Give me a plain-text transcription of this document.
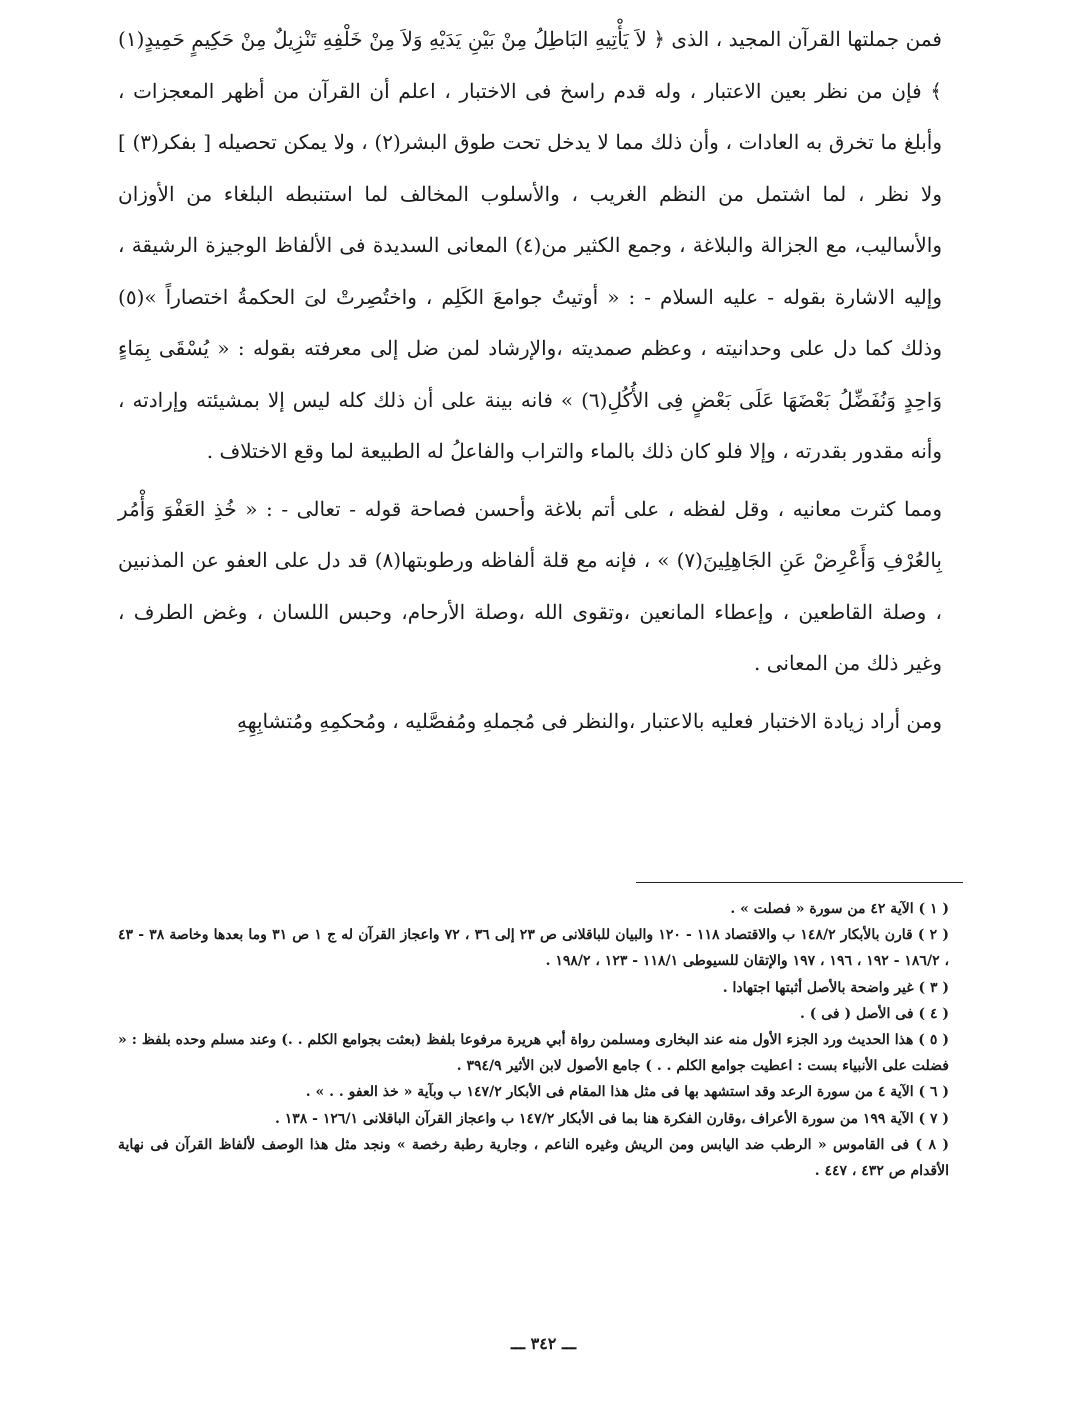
فمن جملتها القرآن المجيد ، الذى ﴿ لاَ يَأْتِيهِ البَاطِلُ مِنْ بَيْنِ يَدَيْهِ وَلاَ مِنْ خَلْفِهِ تَنْزِيلٌ مِنْ حَكِيمٍ حَمِيدٍ(١) ﴾ فإن من نظر بعين الاعتبار ، وله قدم راسخ فى الاختبار ، اعلم أن القرآن من أظهر المعجزات ، وأبلغ ما تخرق به العادات ، وأن ذلك مما لا يدخل تحت طوق البشر(٢) ، ولا يمكن تحصيله [ بفكر(٣) ] ولا نظر ، لما اشتمل من النظم الغريب ، والأسلوب المخالف لما استنبطه البلغاء من الأوزان والأساليب، مع الجزالة والبلاغة ، وجمع الكثير من(٤) المعانى السديدة فى الألفاظ الوجيزة الرشيقة ، وإليه الاشارة بقوله - عليه السلام - : « أوتيتُ جوامعَ الكَلِم ، واختُصِرتْ لىَ الحكمةُ اختصاراً »(٥) وذلك كما دل على وحدانيته ، وعظم صمديته ،والإرشاد لمن ضل إلى معرفته بقوله : « يُسْقَى بِمَاءٍ وَاحِدٍ وَنُفَضِّلُ بَعْضَهَا عَلَى بَعْضٍ فِى الأُكُلِ(٦) » فانه بينة على أن ذلك كله ليس إلا بمشيئته وإرادته ، وأنه مقدور بقدرته ، وإلا فلو كان ذلك بالماء والتراب والفاعلُ له الطبيعة لما وقع الاختلاف .

ومما كثرت معانيه ، وقل لفظه ، على أتم بلاغة وأحسن فصاحة قوله - تعالى - : « خُذِ العَفْوَ وَأْمُر بِالعُرْفِ وَأَعْرِضْ عَنِ الجَاهِلِينَ(٧) » ، فإنه مع قلة ألفاظه ورطوبتها(٨) قد دل على العفو عن المذنبين ، وصلة القاطعين ، وإعطاء المانعين ،وتقوى الله ،وصلة الأرحام، وحبس اللسان ، وغض الطرف ، وغير ذلك من المعانى .

ومن أراد زيادة الاختبار فعليه بالاعتبار ،والنظر فى مُجملهِ ومُفصَّليه ، ومُحكمِهِ ومُتشابِهِهِ

( ١ ) الآية ٤٢ من سورة « فصلت » .

( ٢ ) قارن بالأبكار ١٤٨/٢ ب والاقتصاد ١١٨ - ١٢٠ والبيان للباقلانى ص ٢٣ إلى ٣٦ ، ٧٢ واعجاز القرآن له ج ١ ص ٣١ وما بعدها وخاصة ٣٨ - ٤٣ ، ١٨٦/٢ - ١٩٢ ، ١٩٦ ، ١٩٧ والإتقان للسيوطى ١١٨/١ - ١٢٣ ، ١٩٨/٢ .

( ٣ ) غير واضحة بالأصل أثبتها اجتهادا .

( ٤ ) فى الأصل ( فى ) .

( ٥ ) هذا الحديث ورد الجزء الأول منه عند البخارى ومسلمن رواة أبي هريرة مرفوعا بلفظ (بعثت بجوامع الكلم . .) وعند مسلم وحده بلفظ : « فضلت على الأنبياء بست : اعطيت جوامع الكلم . . ) جامع الأصول لابن الأثير ٣٩٤/٩ .

( ٦ ) الآية ٤ من سورة الرعد وقد استشهد بها فى مثل هذا المقام فى الأبكار ١٤٧/٢ ب وبآية « خذ العفو . . » .

( ٧ ) الآية ١٩٩ من سورة الأعراف ،وقارن الفكرة هنا بما فى الأبكار ١٤٧/٢ ب واعجاز القرآن الباقلانى ١٢٦/١ - ١٣٨ .

( ٨ ) فى القاموس « الرطب ضد اليابس ومن الريش وغيره الناعم ، وجارية رطبة رخصة » ونجد مثل هذا الوصف لألفاظ القرآن فى نهاية الأقدام ص ٤٣٢ ، ٤٤٧ .

ـــ ٣٤٢ ـــ
